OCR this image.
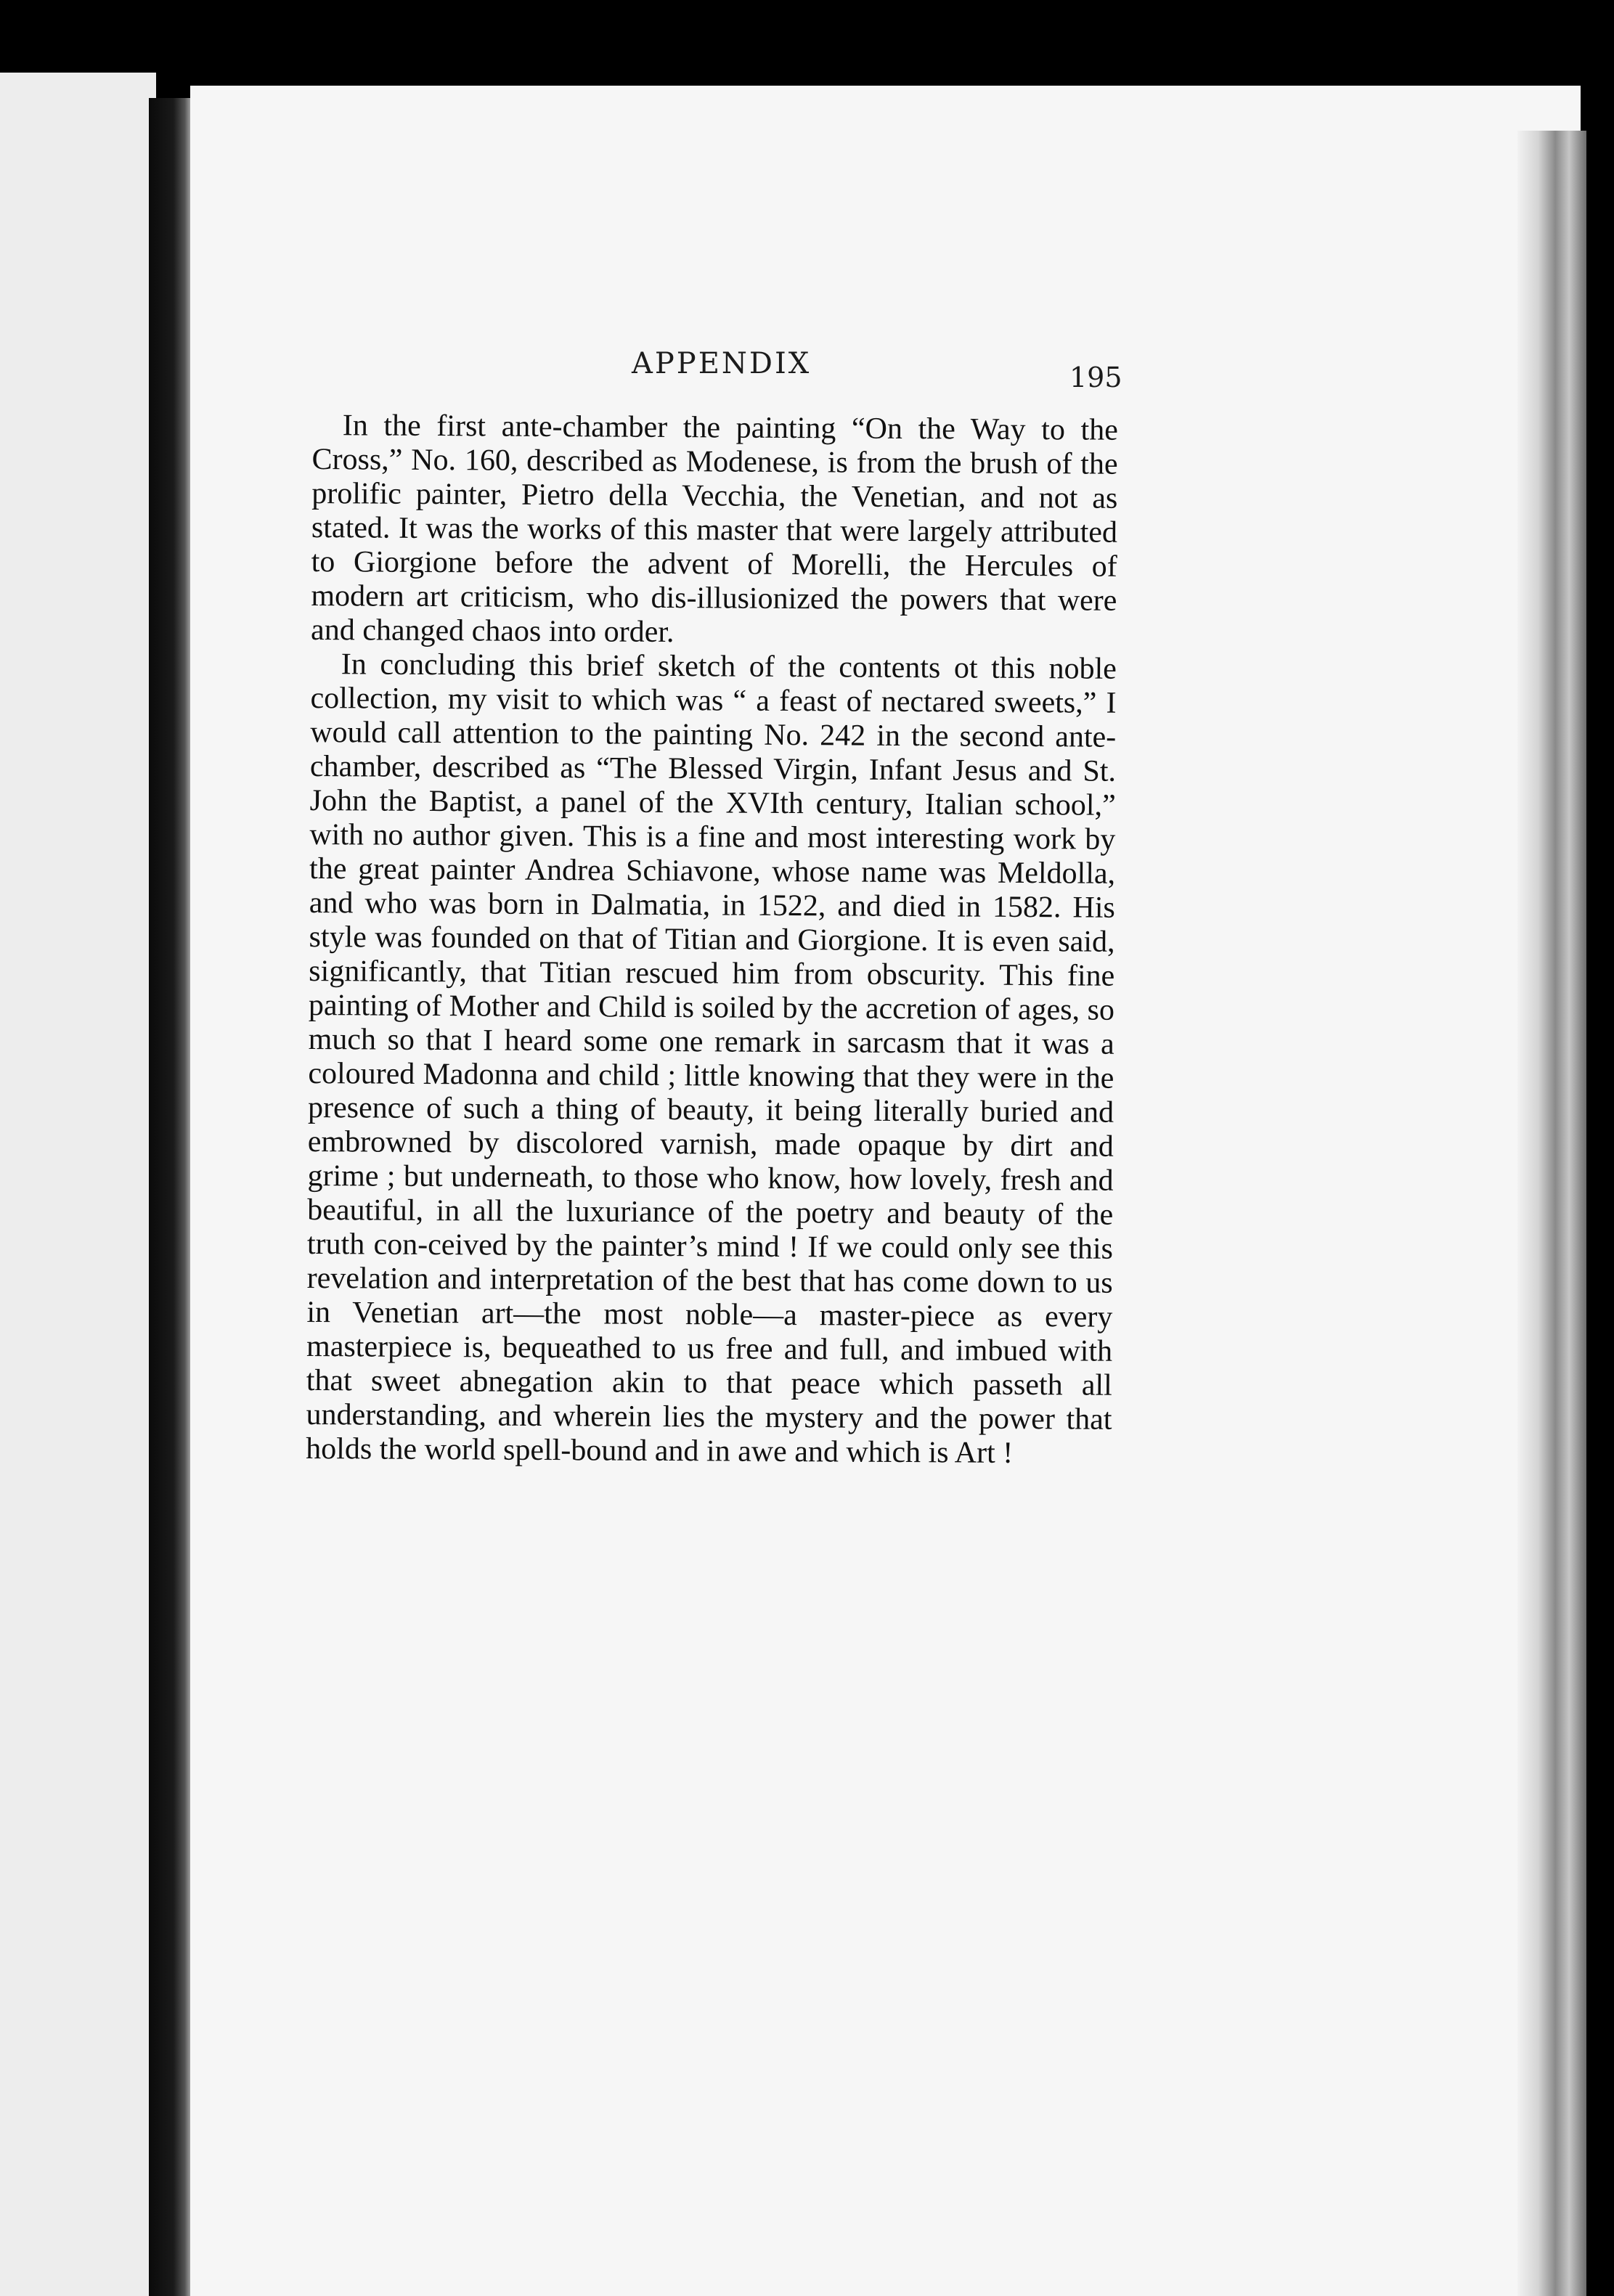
APPENDIX	195

In the first ante-chamber the painting “On the Way to the Cross,” No. 160, described as Modenese, is from the brush of the prolific painter, Pietro della Vecchia, the Venetian, and not as stated. It was the works of this master that were largely attributed to Giorgione before the advent of Morelli, the Hercules of modern art criticism, who dis-illusionized the powers that were and changed chaos into order.

In concluding this brief sketch of the contents ot this noble collection, my visit to which was “ a feast of nectared sweets,” I would call attention to the painting No. 242 in the second ante-chamber, described as “The Blessed Virgin, Infant Jesus and St. John the Baptist, a panel of the XVIth century, Italian school,” with no author given. This is a fine and most interesting work by the great painter Andrea Schiavone, whose name was Meldolla, and who was born in Dalmatia, in 1522, and died in 1582. His style was founded on that of Titian and Giorgione. It is even said, significantly, that Titian rescued him from obscurity. This fine painting of Mother and Child is soiled by the accretion of ages, so much so that I heard some one remark in sarcasm that it was a coloured Madonna and child ; little knowing that they were in the presence of such a thing of beauty, it being literally buried and embrowned by discolored varnish, made opaque by dirt and grime ; but underneath, to those who know, how lovely, fresh and beautiful, in all the luxuriance of the poetry and beauty of the truth con-ceived by the painter’s mind ! If we could only see this revelation and interpretation of the best that has come down to us in Venetian art—the most noble—a master-piece as every masterpiece is, bequeathed to us free and full, and imbued with that sweet abnegation akin to that peace which passeth all understanding, and wherein lies the mystery and the power that holds the world spell-bound and in awe and which is Art !
